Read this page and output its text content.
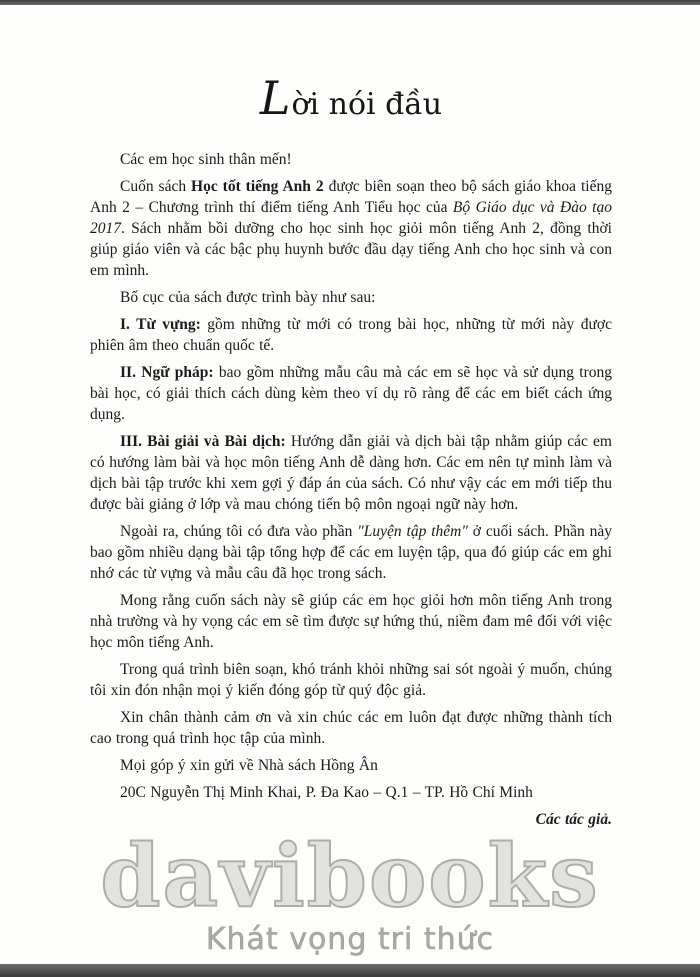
Lời nói đầu

Các em học sinh thân mến!

Cuốn sách Học tốt tiếng Anh 2 được biên soạn theo bộ sách giáo khoa tiếng Anh 2 – Chương trình thí điểm tiếng Anh Tiểu học của Bộ Giáo dục và Đào tạo 2017. Sách nhằm bồi dưỡng cho học sinh học giỏi môn tiếng Anh 2, đồng thời giúp giáo viên và các bậc phụ huynh bước đầu dạy tiếng Anh cho học sinh và con em mình.

Bố cục của sách được trình bày như sau:

I. Từ vựng: gồm những từ mới có trong bài học, những từ mới này được phiên âm theo chuẩn quốc tế.

II. Ngữ pháp: bao gồm những mẫu câu mà các em sẽ học và sử dụng trong bài học, có giải thích cách dùng kèm theo ví dụ rõ ràng để các em biết cách ứng dụng.

III. Bài giải và Bài dịch: Hướng dẫn giải và dịch bài tập nhằm giúp các em có hướng làm bài và học môn tiếng Anh dễ dàng hơn. Các em nên tự mình làm và dịch bài tập trước khi xem gợi ý đáp án của sách. Có như vậy các em mới tiếp thu được bài giảng ở lớp và mau chóng tiến bộ môn ngoại ngữ này hơn.

Ngoài ra, chúng tôi có đưa vào phần "Luyện tập thêm" ở cuối sách. Phần này bao gồm nhiều dạng bài tập tổng hợp để các em luyện tập, qua đó giúp các em ghi nhớ các từ vựng và mẫu câu đã học trong sách.

Mong rằng cuốn sách này sẽ giúp các em học giỏi hơn môn tiếng Anh trong nhà trường và hy vọng các em sẽ tìm được sự hứng thú, niềm đam mê đối với việc học môn tiếng Anh.

Trong quá trình biên soạn, khó tránh khỏi những sai sót ngoài ý muốn, chúng tôi xin đón nhận mọi ý kiến đóng góp từ quý độc giả.

Xin chân thành cảm ơn và xin chúc các em luôn đạt được những thành tích cao trong quá trình học tập của mình.

Mọi góp ý xin gửi về Nhà sách Hồng Ân

20C Nguyễn Thị Minh Khai, P. Đa Kao – Q.1 – TP. Hồ Chí Minh

Các tác giả.

davibooks
Khát vọng tri thức
